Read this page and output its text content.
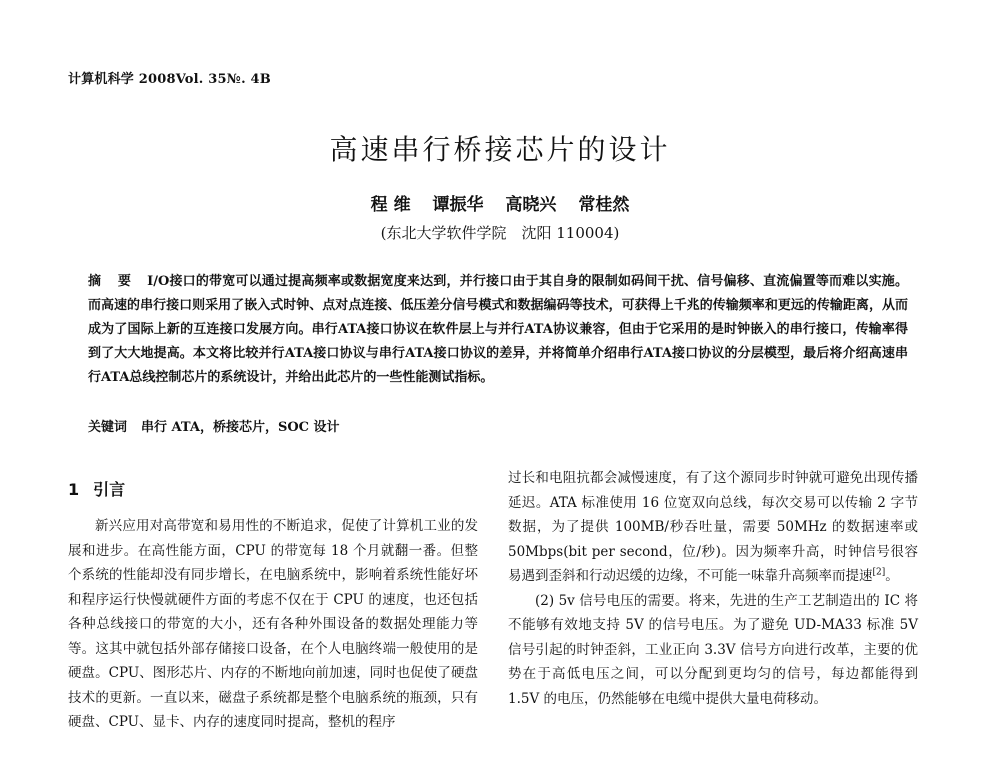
计算机科学 2008Vol. 35№. 4B
高速串行桥接芯片的设计
程 维 谭振华 高晓兴 常桂然
(东北大学软件学院　沈阳 110004)
摘 要 I/O接口的带宽可以通过提高频率或数据宽度来达到，并行接口由于其自身的限制如码间干扰、信号偏移、直流偏置等而难以实施。而高速的串行接口则采用了嵌入式时钟、点对点连接、低压差分信号模式和数据编码等技术，可获得上千兆的传输频率和更远的传输距离，从而成为了国际上新的互连接口发展方向。串行ATA接口协议在软件层上与并行ATA协议兼容，但由于它采用的是时钟嵌入的串行接口，传输率得到了大大地提高。本文将比较并行ATA接口协议与串行ATA接口协议的差异，并将简单介绍串行ATA接口协议的分层模型，最后将介绍高速串行ATA总线控制芯片的系统设计，并给出此芯片的一些性能测试指标。
关键词 串行 ATA，桥接芯片，SOC 设计
1 引言

新兴应用对高带宽和易用性的不断追求，促使了计算机工业的发展和进步。在高性能方面，CPU 的带宽每 18 个月就翻一番。但整个系统的性能却没有同步增长，在电脑系统中，影响着系统性能好坏和程序运行快慢就硬件方面的考虑不仅在于 CPU 的速度，也还包括各种总线接口的带宽的大小，还有各种外围设备的数据处理能力等等。这其中就包括外部存储接口设备，在个人电脑终端一般使用的是硬盘。CPU、图形芯片、内存的不断地向前加速，同时也促使了硬盘技术的更新。一直以来，磁盘子系统都是整个电脑系统的瓶颈，只有硬盘、CPU、显卡、内存的速度同时提高，整机的程序

过长和电阻抗都会减慢速度，有了这个源同步时钟就可避免出现传播延迟。ATA 标准使用 16 位宽双向总线，每次交易可以传输 2 字节数据，为了提供 100MB/秒吞吐量，需要 50MHz 的数据速率或 50Mbps(bit per second，位/秒)。因为频率升高，时钟信号很容易遇到歪斜和行动迟缓的边缘，不可能一味靠升高频率而提速[2]。

(2) 5v 信号电压的需要。将来，先进的生产工艺制造出的 IC 将不能够有效地支持 5V 的信号电压。为了避免 UD-MA33 标准 5V 信号引起的时钟歪斜，工业正向 3.3V 信号方向进行改革，主要的优势在于高低电压之间，可以分配到更均匀的信号，每边都能得到 1.5V 的电压，仍然能够在电缆中提供大量电荷移动。
